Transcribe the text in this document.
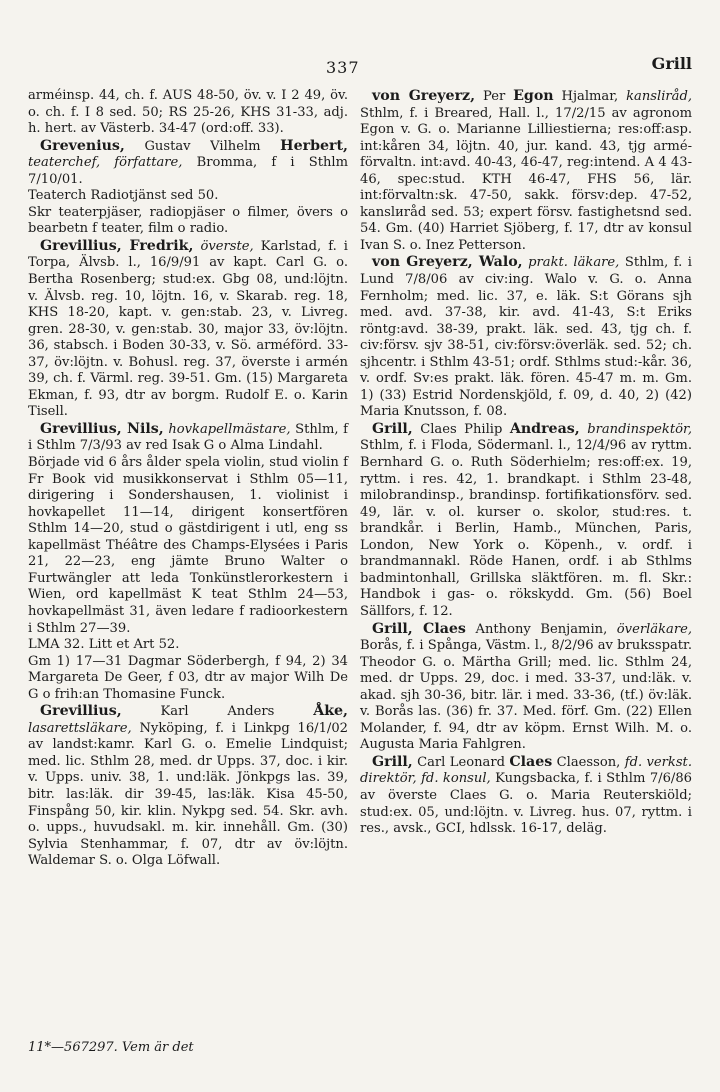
337	Grill

arméinsp. 44, ch. f. AUS 48-50, öv. v. I 2 49, öv. o. ch. f. I 8 sed. 50; RS 25-26, KHS 31-33, adj. h. hert. av Västerb. 34-47 (ord:off. 33).

Grevenius, Gustav Vilhelm Herbert, teaterchef, författare, Bromma, f i Sthlm 7/10/01.

Teaterch Radiotjänst sed 50.

Skr teaterpjäser, radiopjäser o filmer, övers o bearbetn f teater, film o radio.

Grevillius, Fredrik, överste, Karlstad, f. i Torpa, Älvsb. l., 16/9/91 av kapt. Carl G. o. Bertha Rosenberg; stud:ex. Gbg 08, und:löjtn. v. Älvsb. reg. 10, löjtn. 16, v. Skarab. reg. 18, KHS 18-20, kapt. v. gen:stab. 23, v. Livreg. gren. 28-30, v. gen:stab. 30, major 33, öv:löjtn. 36, stabsch. i Boden 30-33, v. Sö. arméförd. 33-37, öv:löjtn. v. Bohusl. reg. 37, överste i armén 39, ch. f. Värml. reg. 39-51. Gm. (15) Margareta Ekman, f. 93, dtr av borgm. Rudolf E. o. Karin Tisell.

Grevillius, Nils, hovkapellmästare, Sthlm, f i Sthlm 7/3/93 av red Isak G o Alma Lindahl.

Började vid 6 års ålder spela violin, stud violin f Fr Book vid musikkonservat i Sthlm 05—11, dirigering i Sondershausen, 1. violinist i hovkapellet 11—14, dirigent konsertfören Sthlm 14—20, stud o gästdirigent i utl, eng ss kapellmäst Théâtre des Champs-Elysées i Paris 21, 22—23, eng jämte Bruno Walter o Furtwängler att leda Tonkünstlerorkestern i Wien, ord kapellmäst K teat Sthlm 24—53, hovkapellmäst 31, även ledare f radioorkestern i Sthlm 27—39.

LMA 32. Litt et Art 52.

Gm 1) 17—31 Dagmar Söderbergh, f 94, 2) 34 Margareta De Geer, f 03, dtr av major Wilh De G o frih:an Thomasine Funck.

Grevillius,	Karl Anders	Åke, lasarettsläkare, Nyköping, f. i Linkpg 16/1/02 av landst:kamr. Karl G. o. Emelie Lindquist; med. lic. Sthlm 28, med. dr Upps. 37, doc. i kir. v. Upps. univ. 38, 1. und:läk. Jönkpgs las. 39, bitr. las:läk. dir 39-45, las:läk. Kisa 45-50, Finspång 50, kir. klin. Nykpg sed. 54. Skr. avh. o. upps., huvudsakl. m. kir. innehåll. Gm. (30) Sylvia Stenhammar, f. 07, dtr av öv:löjtn. Waldemar S. o. Olga Löfwall.

von Greyerz, Per Egon Hjalmar, kansliråd, Sthlm, f. i Breared, Hall. l., 17/2/15 av agronom Egon v. G. o. Marianne Lilliestierna; res:off:asp. int:kåren 34, löjtn. 40, jur. kand. 43, tjg armé-förvaltn. int:avd. 40-43, 46-47, reg:intend. A 4 43-46, spec:stud. KTH 46-47, FHS 56, lär. int:förvaltn:sk. 47-50, sakk. försv:dep. 47-52, kanslиråd sed. 53; expert försv. fastighetsnd sed. 54. Gm. (40) Harriet Sjöberg, f. 17, dtr av konsul Ivan S. o. Inez Petterson.

von Greyerz, Walo, prakt. läkare, Sthlm, f. i Lund 7/8/06 av civ:ing. Walo v. G. o. Anna Fernholm; med. lic. 37, e. läk. S:t Görans sjh med. avd. 37-38, kir. avd. 41-43, S:t Eriks röntg:avd. 38-39, prakt. läk. sed. 43, tjg ch. f. civ:försv. sjv 38-51, civ:försv:överläk. sed. 52; ch. sjhcentr. i Sthlm 43-51; ordf. Sthlms stud:-kår. 36, v. ordf. Sv:es prakt. läk. fören. 45-47 m. m. Gm. 1) (33) Estrid Nordenskjöld, f. 09, d. 40, 2) (42) Maria Knutsson, f. 08.

Grill, Claes Philip Andreas, brandinspektör, Sthlm, f. i Floda, Södermanl. l., 12/4/96 av ryttm. Bernhard G. o. Ruth Söderhielm; res:off:ex. 19, ryttm. i res. 42, 1. brandkapt. i Sthlm 23-48, milobrandinsp., brandinsp. fortifikationsförv. sed. 49, lär. v. ol. kurser o. skolor, stud:res. t. brandkår. i Berlin, Hamb., München, Paris, London, New York o. Köpenh., v. ordf. i brandmannakl. Röde Hanen, ordf. i ab Sthlms badmintonhall, Grillska släktfören. m. fl. Skr.: Handbok i gas- o. rökskydd. Gm. (56) Boel Sällfors, f. 12.

Grill, Claes Anthony Benjamin, överläkare, Borås, f. i Spånga, Västm. l., 8/2/96 av bruksspatr. Theodor G. o. Märtha Grill; med. lic. Sthlm 24, med. dr Upps. 29, doc. i med. 33-37, und:läk. v. akad. sjh 30-36, bitr. lär. i med. 33-36, (tf.) öv:läk. v. Borås las. (36) fr. 37. Med. förf. Gm. (22) Ellen Molander, f. 94, dtr av köpm. Ernst Wilh. M. o. Augusta Maria Fahlgren.

Grill, Carl Leonard Claes Claesson, fd. verkst. direktör, fd. konsul, Kungsbacka, f. i Sthlm 7/6/86 av överste Claes G. o. Maria Reuterskiöld; stud:ex. 05, und:löjtn. v. Livreg. hus. 07, ryttm. i res., avsk., GCI, hdlssk. 16-17, deläg.

11*—567297. Vem är det
